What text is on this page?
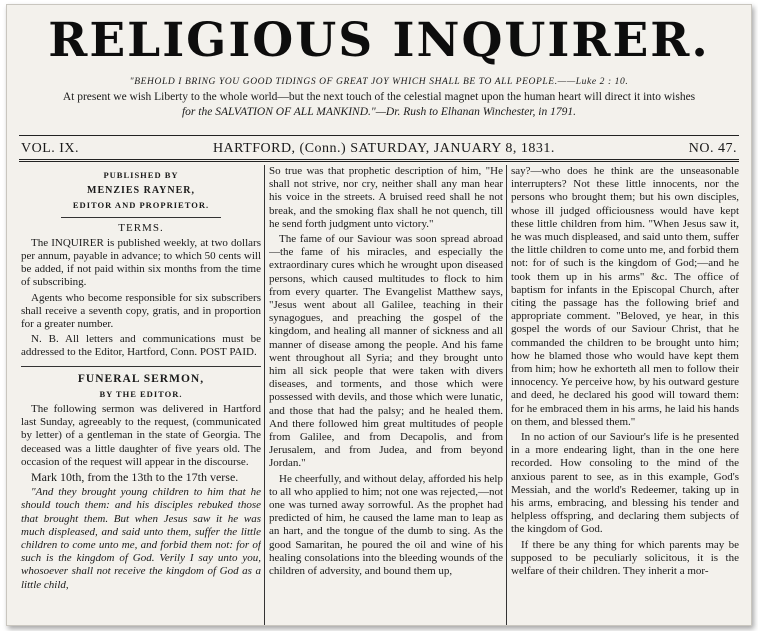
RELIGIOUS INQUIRER.
"BEHOLD I BRING YOU GOOD TIDINGS OF GREAT JOY WHICH SHALL BE TO ALL PEOPLE.——Luke 2 : 10.
At present we wish Liberty to the whole world—but the next touch of the celestial magnet upon the human heart will direct it into wishes
for the SALVATION OF ALL MANKIND."—Dr. Rush to Elhanan Winchester, in 1791.
VOL. IX.	HARTFORD, (Conn.) SATURDAY, JANUARY 8, 1831.	NO. 47.

PUBLISHED BY

MENZIES RAYNER,

EDITOR AND PROPRIETOR.

TERMS.

The INQUIRER is published weekly, at two dollars per annum, payable in advance; to which 50 cents will be added, if not paid within six months from the time of subscribing.

Agents who become responsible for six subscribers shall receive a seventh copy, gratis, and in proportion for a greater number.

N. B. All letters and communications must be addressed to the Editor, Hartford, Conn. POST PAID.

FUNERAL SERMON,

BY THE EDITOR.

The following sermon was delivered in Hartford last Sunday, agreeably to the request, (communicated by letter) of a gentleman in the state of Georgia. The deceased was a little daughter of five years old. The occasion of the request will appear in the discourse.

Mark 10th, from the 13th to the 17th verse.

"And they brought young children to him that he should touch them: and his disciples rebuked those that brought them. But when Jesus saw it he was much displeased, and said unto them, suffer the little children to come unto me, and forbid them not: for of such is the kingdom of God. Verily I say unto you, whosoever shall not receive the kingdom of God as a little child,

So true was that prophetic description of him, "He shall not strive, nor cry, neither shall any man hear his voice in the streets. A bruised reed shall he not break, and the smoking flax shall he not quench, till he send forth judgment unto victory."

The fame of our Saviour was soon spread abroad—the fame of his miracles, and especially the extraordinary cures which he wrought upon diseased persons, which caused multitudes to flock to him from every quarter. The Evangelist Matthew says, "Jesus went about all Galilee, teaching in their synagogues, and preaching the gospel of the kingdom, and healing all manner of sickness and all manner of disease among the people. And his fame went throughout all Syria; and they brought unto him all sick people that were taken with divers diseases, and torments, and those which were possessed with devils, and those which were lunatic, and those that had the palsy; and he healed them. And there followed him great multitudes of people from Galilee, and from Decapolis, and from Jerusalem, and from Judea, and from beyond Jordan."

He cheerfully, and without delay, afforded his help to all who applied to him; not one was rejected,—not one was turned away sorrowful. As the prophet had predicted of him, he caused the lame man to leap as an hart, and the tongue of the dumb to sing. As the good Samaritan, he poured the oil and wine of his healing consolations into the bleeding wounds of the children of adversity, and bound them up,

say?—who does he think are the unseasonable interrupters? Not these little innocents, nor the persons who brought them; but his own disciples, whose ill judged officiousness would have kept these little children from him. "When Jesus saw it, he was much displeased, and said unto them, suffer the little children to come unto me, and forbid them not: for of such is the kingdom of God;—and he took them up in his arms" &c. The office of baptism for infants in the Episcopal Church, after citing the passage has the following brief and appropriate comment. "Beloved, ye hear, in this gospel the words of our Saviour Christ, that he commanded the children to be brought unto him; how he blamed those who would have kept them from him; how he exhorteth all men to follow their innocency. Ye perceive how, by his outward gesture and deed, he declared his good will toward them: for he embraced them in his arms, he laid his hands on them, and blessed them."

In no action of our Saviour's life is he presented in a more endearing light, than in the one here recorded. How consoling to the mind of the anxious parent to see, as in this example, God's Messiah, and the world's Redeemer, taking up in his arms, embracing, and blessing his tender and helpless offspring, and declaring them subjects of the kingdom of God.

If there be any thing for which parents may be supposed to be peculiarly solicitous, it is the welfare of their children. They inherit a mor-
